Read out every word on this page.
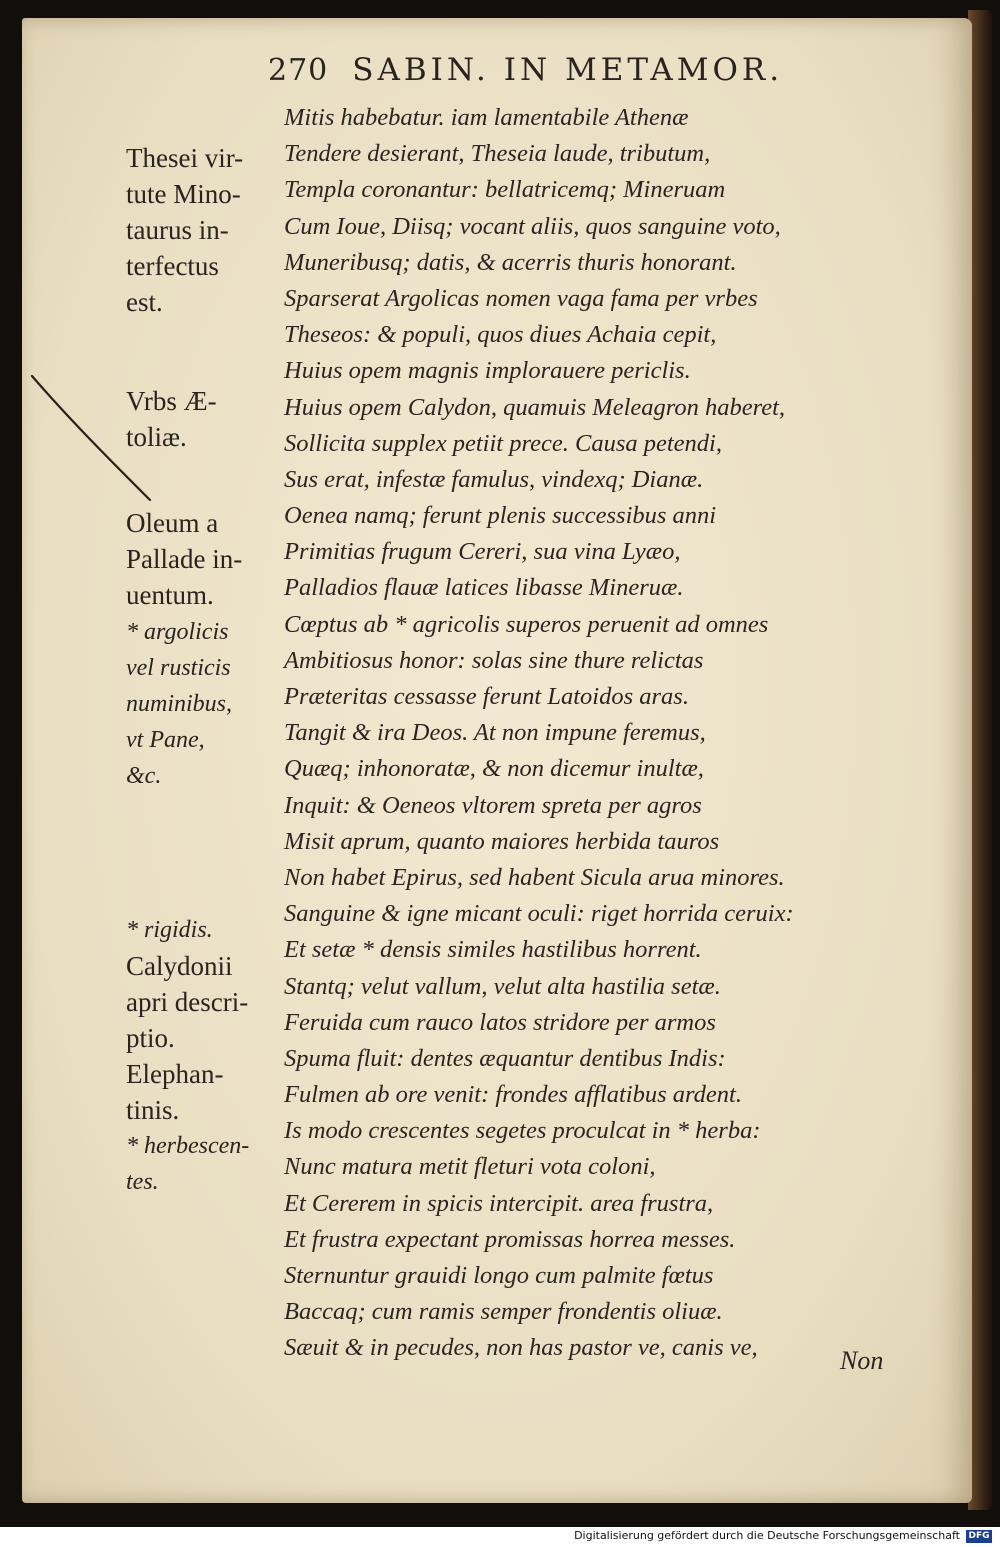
270 SABIN. IN METAMOR.
Mitis habebatur. iam lamentabile Athenæ
Tendere desierant, Theseia laude, tributum,
Templa coronantur: bellatricemq; Mineruam
Cum Ioue, Diisq; vocant aliis, quos sanguine voto,
Muneribusq; datis, & acerris thuris honorant.
Sparserat Argolicas nomen vaga fama per vrbes
Theseos: & populi, quos diues Achaia cepit,
Huius opem magnis implorauere periclis.
Huius opem Calydon, quamuis Meleagron haberet,
Sollicita supplex petiit prece. Causa petendi,
Sus erat, infestæ famulus, vindexq; Dianæ.
Oenea namq; ferunt plenis successibus anni
Primitias frugum Cereri, sua vina Lyæo,
Palladios flauæ latices libasse Mineruæ.
Cœptus ab * agricolis superos peruenit ad omnes
Ambitiosus honor: solas sine thure relictas
Præteritas cessasse ferunt Latoidos aras.
Tangit & ira Deos. At non impune feremus,
Quæq; inhonoratæ, & non dicemur inultæ,
Inquit: & Oeneos vltorem spreta per agros
Misit aprum, quanto maiores herbida tauros
Non habet Epirus, sed habent Sicula arua minores.
Sanguine & igne micant oculi: riget horrida ceruix:
Et setæ * densis similes hastilibus horrent.
Stantq; velut vallum, velut alta hastilia setæ.
Feruida cum rauco latos stridore per armos
Spuma fluit: dentes æquantur dentibus Indis:
Fulmen ab ore venit: frondes afflatibus ardent.
Is modo crescentes segetes proculcat in * herba:
Nunc matura metit fleturi vota coloni,
Et Cererem in spicis intercipit. area frustra,
Et frustra expectant promissas horrea messes.
Sternuntur grauidi longo cum palmite fœtus
Baccaq; cum ramis semper frondentis oliuæ.
Sæuit & in pecudes, non has pastor ve, canis ve,
Thesei vir-
tute Mino-
taurus in-
terfectus
est.
Vrbs Æ-
toliæ.
Oleum a
Pallade in-
uentum.
* argolicis
vel rusticis
numinibus,
vt Pane,
&c.
* rigidis.
Calydonii
apri descri-
ptio.
Elephan-
tinis.
* herbescen-
tes.
Non
Digitalisierung gefördert durch die Deutsche Forschungsgemeinschaft DFG
